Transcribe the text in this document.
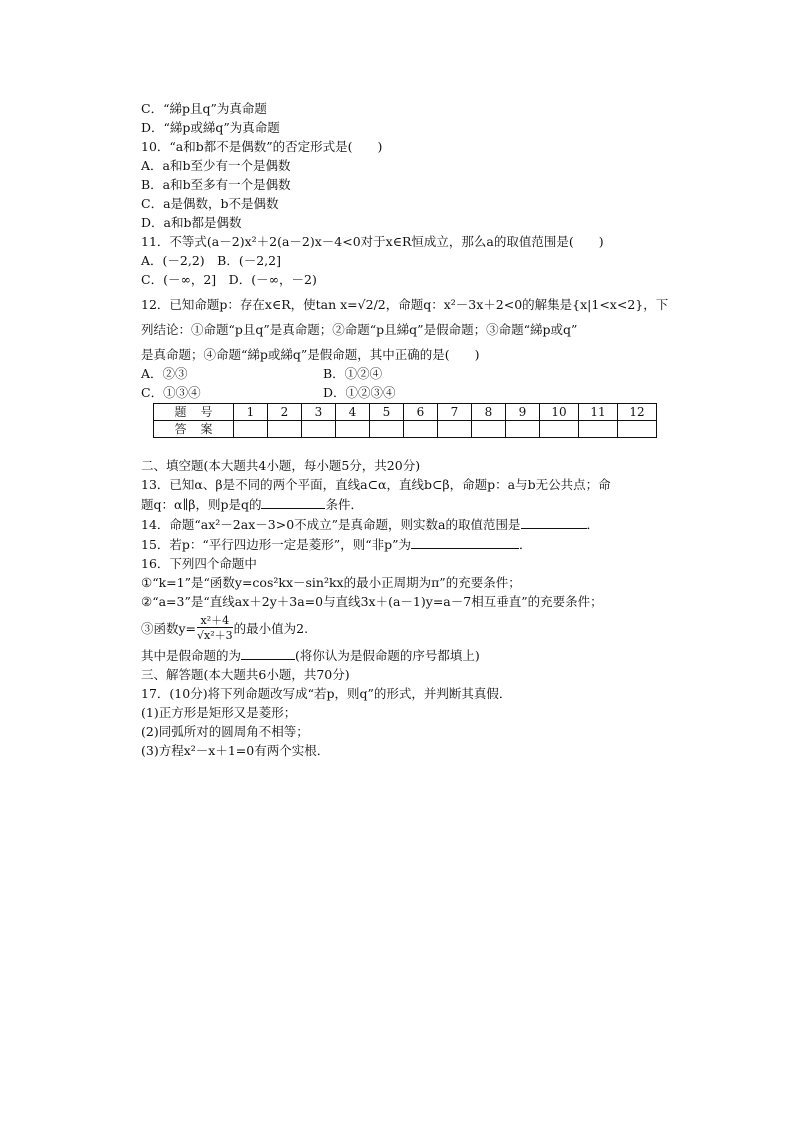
C．“綈p且q”为真命题
D．“綈p或綈q”为真命题
10．“a和b都不是偶数”的否定形式是(　　)
A．a和b至少有一个是偶数
B．a和b至多有一个是偶数
C．a是偶数，b不是偶数
D．a和b都是偶数
11．不等式(a－2)x²＋2(a－2)x－4<0对于x∈R恒成立，那么a的取值范围是(　　)
A．(－2,2)　B．(－2,2]
C．(－∞，2]　D．(－∞，－2)
12．已知命题p：存在x∈R，使tan x=√2/2，命题q：x²－3x＋2<0的解集是{x|1<x<2}，下
列结论：①命题“p且q”是真命题；②命题“p且綈q”是假命题；③命题“綈p或q”
是真命题；④命题“綈p或綈q”是假命题，其中正确的是(　　)
A．②③	B．①②④
C．①③④	D．①②③④
题号	1	2	3	4	5	6	7	8	9	10	11	12
答案												
二、填空题(本大题共4小题，每小题5分，共20分)
13．已知α、β是不同的两个平面，直线a⊂α，直线b⊂β，命题p：a与b无公共点；命
题q：α∥β，则p是q的	条件．
14．命题“ax²－2ax－3>0不成立”是真命题，则实数a的取值范围是	．
15．若p：“平行四边形一定是菱形”，则“非p”为	．
16．下列四个命题中
①“k=1”是“函数y=cos²kx－sin²kx的最小正周期为π”的充要条件；
②“a=3”是“直线ax＋2y＋3a=0与直线3x＋(a－1)y=a－7相互垂直”的充要条件；
③函数$y= \frac{\text{x²＋4}}{\text{√x²＋3}}$ 的最小值为2.
其中是假命题的为	(将你认为是假命题的序号都填上)
三、解答题(本大题共6小题，共70分)
17．(10分)将下列命题改写成“若p，则q”的形式，并判断其真假．
(1)正方形是矩形又是菱形；
(2)同弧所对的圆周角不相等；
(3)方程x²－x＋1=0有两个实根．
